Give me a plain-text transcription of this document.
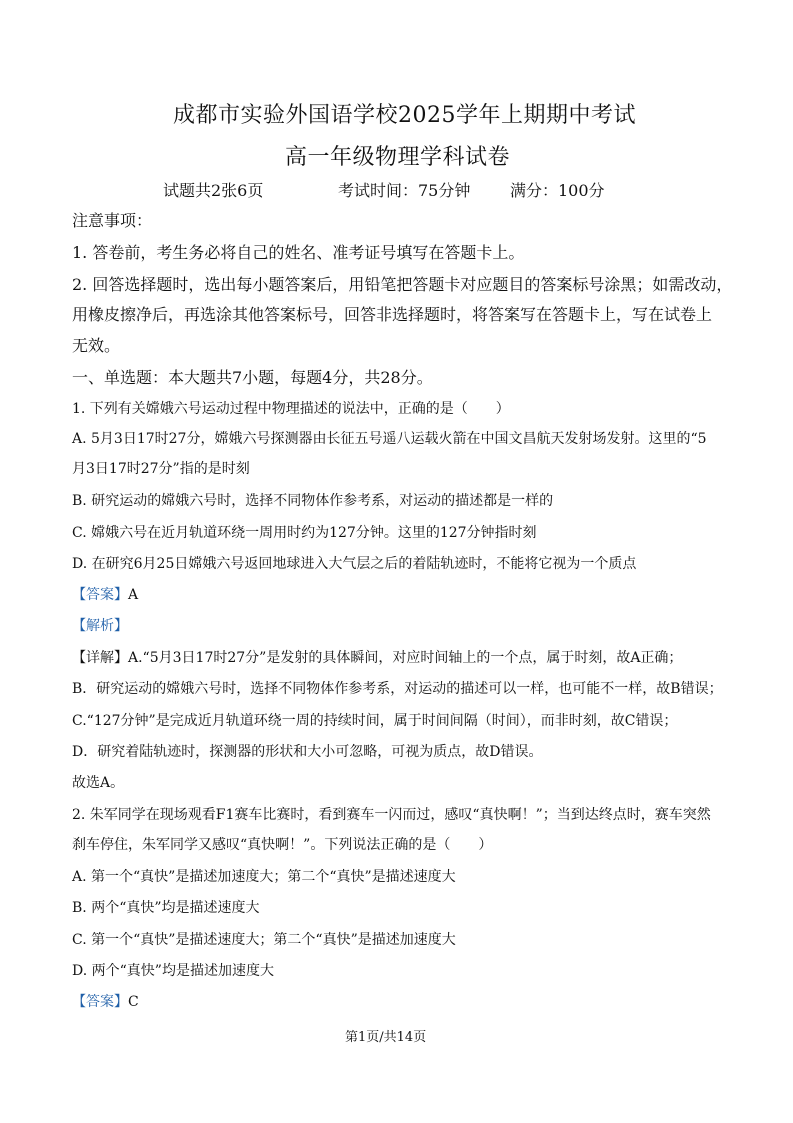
成都市实验外国语学校2025学年上期期中考试
高一年级物理学科试卷
试题共2张6页	考试时间：75分钟 满分：100分
注意事项：
1. 答卷前，考生务必将自己的姓名、准考证号填写在答题卡上。
2. 回答选择题时，选出每小题答案后，用铅笔把答题卡对应题目的答案标号涂黑；如需改动，
用橡皮擦净后，再选涂其他答案标号，回答非选择题时，将答案写在答题卡上，写在试卷上
无效。
一、单选题：本大题共7小题，每题4分，共28分。
1. 下列有关嫦娥六号运动过程中物理描述的说法中，正确的是（　　）
A. 5月3日17时27分，嫦娥六号探测器由长征五号遥八运载火箭在中国文昌航天发射场发射。这里的“5
月3日17时27分”指的是时刻
B. 研究运动的嫦娥六号时，选择不同物体作参考系，对运动的描述都是一样的
C. 嫦娥六号在近月轨道环绕一周用时约为127分钟。这里的127分钟指时刻
D. 在研究6月25日嫦娥六号返回地球进入大气层之后的着陆轨迹时，不能将它视为一个质点
【答案】A
【解析】
【详解】A.“5月3日17时27分”是发射的具体瞬间，对应时间轴上的一个点，属于时刻，故A正确；
B．研究运动的嫦娥六号时，选择不同物体作参考系，对运动的描述可以一样，也可能不一样，故B错误；
C.“127分钟”是完成近月轨道环绕一周的持续时间，属于时间间隔（时间），而非时刻，故C错误；
D．研究着陆轨迹时，探测器的形状和大小可忽略，可视为质点，故D错误。
故选A。
2. 朱军同学在现场观看F1赛车比赛时，看到赛车一闪而过，感叹“真快啊！”；当到达终点时，赛车突然
刹车停住，朱军同学又感叹“真快啊！”。下列说法正确的是（　　）
A. 第一个“真快”是描述加速度大；第二个“真快”是描述速度大
B. 两个“真快”均是描述速度大
C. 第一个“真快”是描述速度大；第二个“真快”是描述加速度大
D. 两个“真快”均是描述加速度大
【答案】C
第1页/共14页
